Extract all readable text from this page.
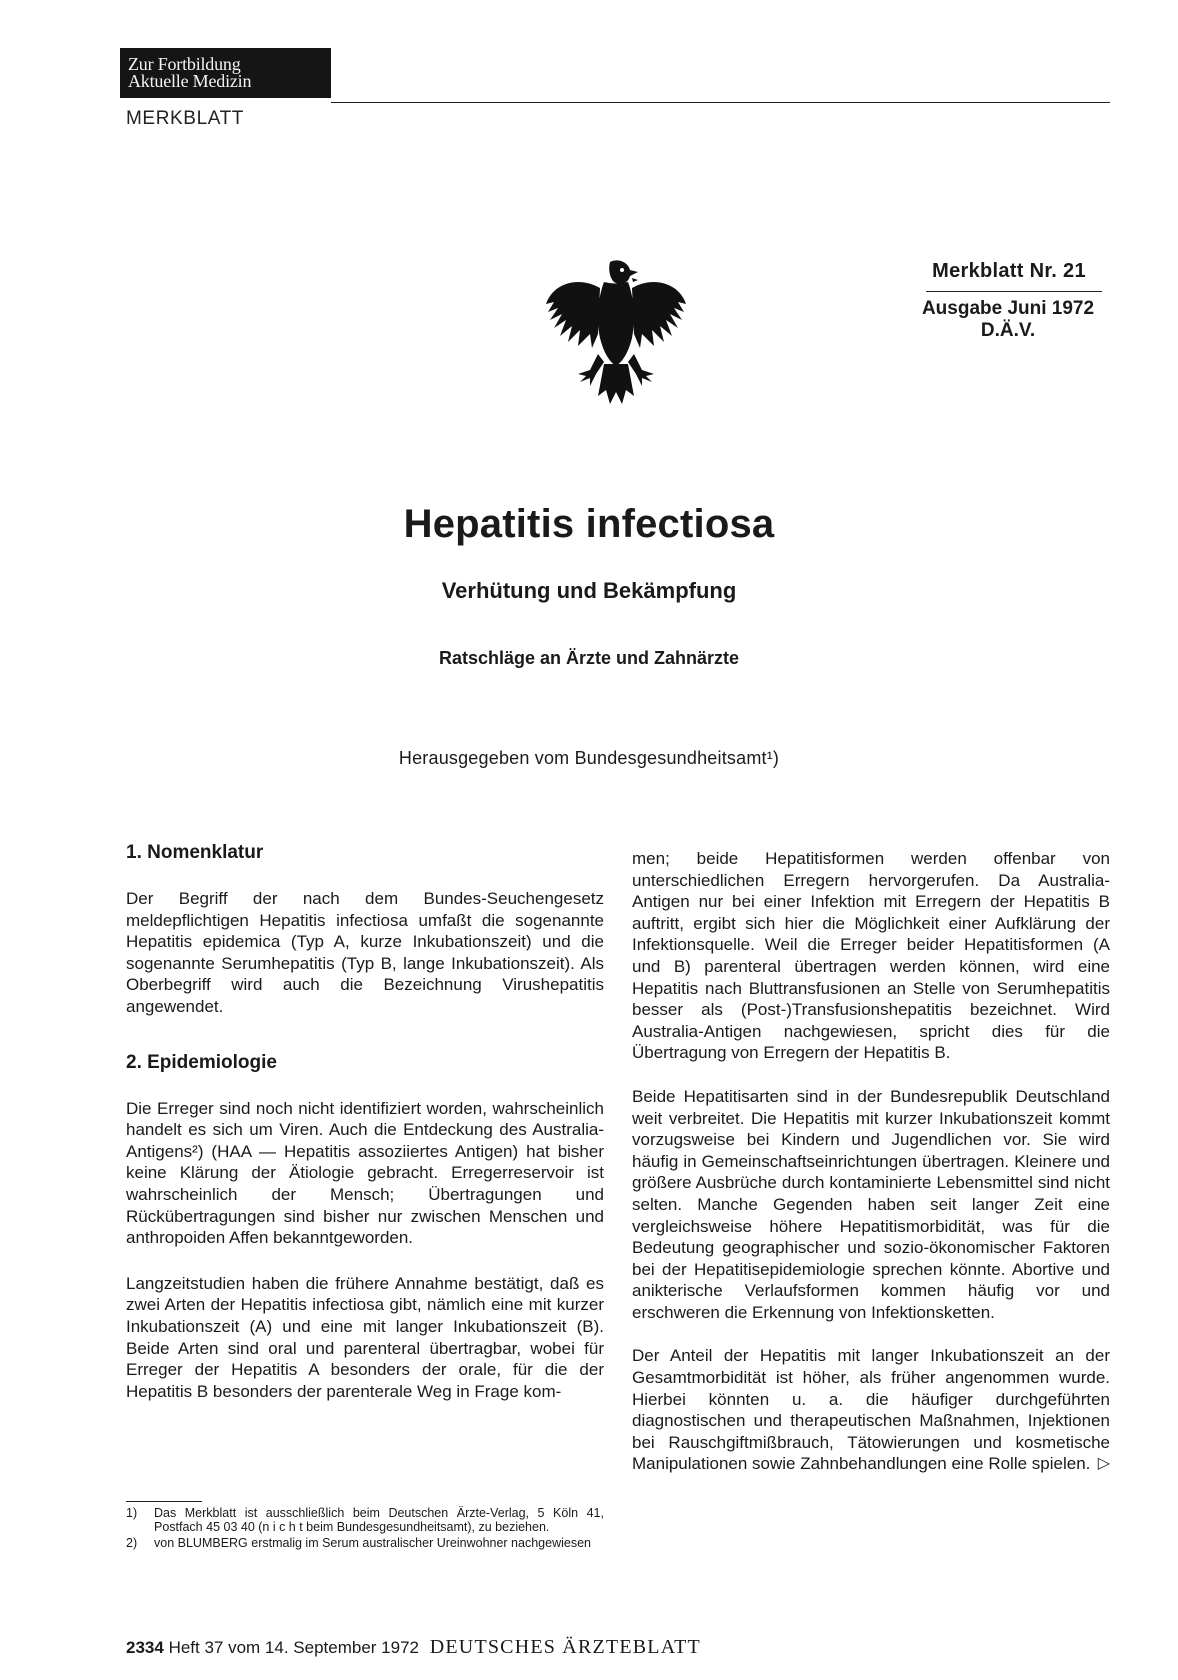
Zur Fortbildung
Aktuelle Medizin
MERKBLATT
Merkblatt Nr. 21
Ausgabe Juni 1972
D.Ä.V.
Hepatitis infectiosa
Verhütung und Bekämpfung
Ratschläge an Ärzte und Zahnärzte
Herausgegeben vom Bundesgesundheitsamt¹)
1. Nomenklatur

Der Begriff der nach dem Bundes-Seuchengesetz meldepflichtigen Hepatitis infectiosa umfaßt die sogenannte Hepatitis epidemica (Typ A, kurze Inkubationszeit) und die sogenannte Serumhepatitis (Typ B, lange Inkubationszeit). Als Oberbegriff wird auch die Bezeichnung Virushepatitis angewendet.

2. Epidemiologie

Die Erreger sind noch nicht identifiziert worden, wahrscheinlich handelt es sich um Viren. Auch die Entdeckung des Australia-Antigens²) (HAA — Hepatitis assoziiertes Antigen) hat bisher keine Klärung der Ätiologie gebracht. Erregerreservoir ist wahrscheinlich der Mensch; Übertragungen und Rückübertragungen sind bisher nur zwischen Menschen und anthropoiden Affen bekanntgeworden.

Langzeitstudien haben die frühere Annahme bestätigt, daß es zwei Arten der Hepatitis infectiosa gibt, nämlich eine mit kurzer Inkubationszeit (A) und eine mit langer Inkubationszeit (B). Beide Arten sind oral und parenteral übertragbar, wobei für Erreger der Hepatitis A besonders der orale, für die der Hepatitis B besonders der parenterale Weg in Frage kom-

men; beide Hepatitisformen werden offenbar von unterschiedlichen Erregern hervorgerufen. Da Australia-Antigen nur bei einer Infektion mit Erregern der Hepatitis B auftritt, ergibt sich hier die Möglichkeit einer Aufklärung der Infektionsquelle. Weil die Erreger beider Hepatitisformen (A und B) parenteral übertragen werden können, wird eine Hepatitis nach Bluttransfusionen an Stelle von Serumhepatitis besser als (Post-)Transfusionshepatitis bezeichnet. Wird Australia-Antigen nachgewiesen, spricht dies für die Übertragung von Erregern der Hepatitis B.

Beide Hepatitisarten sind in der Bundesrepublik Deutschland weit verbreitet. Die Hepatitis mit kurzer Inkubationszeit kommt vorzugsweise bei Kindern und Jugendlichen vor. Sie wird häufig in Gemeinschaftseinrichtungen übertragen. Kleinere und größere Ausbrüche durch kontaminierte Lebensmittel sind nicht selten. Manche Gegenden haben seit langer Zeit eine vergleichsweise höhere Hepatitismorbidität, was für die Bedeutung geographischer und sozio-ökonomischer Faktoren bei der Hepatitisepidemiologie sprechen könnte. Abortive und anikterische Verlaufsformen kommen häufig vor und erschweren die Erkennung von Infektionsketten.

Der Anteil der Hepatitis mit langer Inkubationszeit an der Gesamtmorbidität ist höher, als früher angenommen wurde. Hierbei könnten u. a. die häufiger durchgeführten diagnostischen und therapeutischen Maßnahmen, Injektionen bei Rauschgiftmißbrauch, Tätowierungen und kosmetische Manipulationen sowie Zahnbehandlungen eine Rolle spielen. ▷

1)	Das Merkblatt ist ausschließlich beim Deutschen Ärzte-Verlag, 5 Köln 41, Postfach 45 03 40 (n i c h t beim Bundesgesundheitsamt), zu beziehen.
2)	von BLUMBERG erstmalig im Serum australischer Ureinwohner nachgewiesen
2334 Heft 37 vom 14. September 1972 DEUTSCHES ÄRZTEBLATT
